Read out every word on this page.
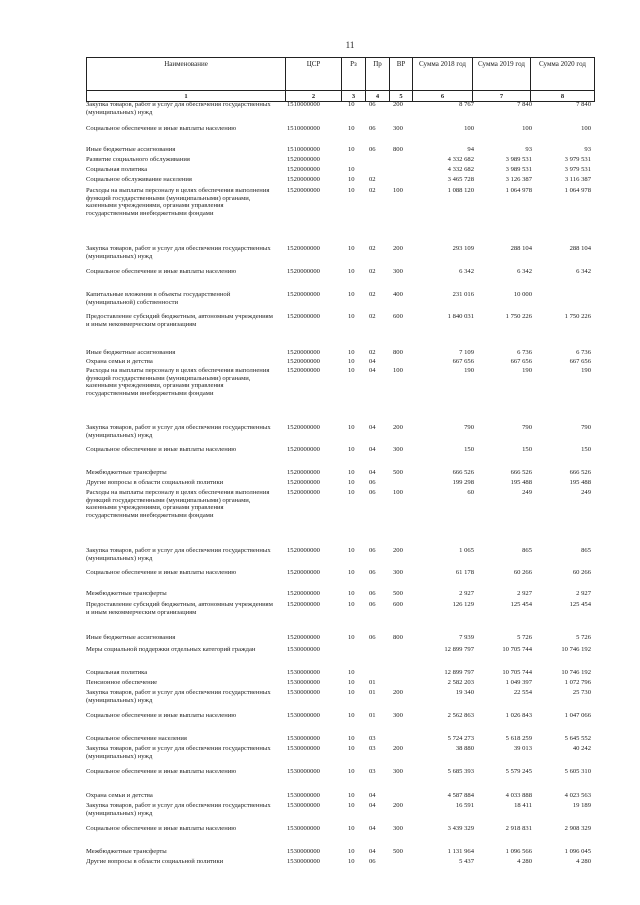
11
Наименование	ЦСР	Рз	Пр	ВР	Сумма 2018 год	Сумма 2019 год	Сумма 2020 год
1	2	3	4	5	6	7	8
Закупка товаров, работ и услуг для обеспечения государственных (муниципальных) нужд
1510000000	10 06	200	8 767	7 840	7 840
Социальное обеспечение и иные выплаты населению	1510000000	10 06	300	100	100	100
Иные бюджетные ассигнования	1510000000	10 06	800	94	93	93
Развитие социального обслуживания	1520000000	4 332 682	3 989 531	3 979 531
Социальная политика	1520000000	10	4 332 682	3 989 531	3 979 531
Социальное обслуживание населения	1520000000	10 02	3 465 728	3 126 387	3 116 387
Расходы на выплаты персоналу в целях обеспечения выполнения функций государственными (муниципальными) органами, казенными учреждениями, органами управления государственными внебюджетными фондами
1520000000	10 02	100	1 088 120	1 064 978	1 064 978
Закупка товаров, работ и услуг для обеспечения государственных (муниципальных) нужд
1520000000	10 02	200	293 109	288 104	288 104
Социальное обеспечение и иные выплаты населению	1520000000	10 02	300	6 342	6 342	6 342
Капитальные вложения в объекты государственной (муниципальной) собственности
1520000000	10 02	400	231 016	10 000
Предоставление субсидий бюджетным, автономным учреждениям и иным некоммерческим организациям
1520000000	10 02	600	1 840 031	1 750 226	1 750 226
Иные бюджетные ассигнования	1520000000	10 02	800	7 109	6 736	6 736
Охрана семьи и детства	1520000000	10 04	667 656	667 656	667 656
Расходы на выплаты персоналу в целях обеспечения выполнения функций государственными (муниципальными) органами, казенными учреждениями, органами управления государственными внебюджетными фондами
1520000000	10 04	100	190	190	190
Закупка товаров, работ и услуг для обеспечения государственных (муниципальных) нужд
1520000000	10 04	200	790	790	790
Социальное обеспечение и иные выплаты населению	1520000000	10 04	300	150	150	150
Межбюджетные трансферты	1520000000	10 04	500	666 526	666 526	666 526
Другие вопросы в области социальной политики	1520000000	10 06	199 298	195 488	195 488
Расходы на выплаты персоналу в целях обеспечения выполнения функций государственными (муниципальными) органами, казенными учреждениями, органами управления государственными внебюджетными фондами
1520000000	10 06	100	60	249	249
Закупка товаров, работ и услуг для обеспечения государственных (муниципальных) нужд
1520000000	10 06	200	1 065	865	865
Социальное обеспечение и иные выплаты населению	1520000000	10 06	300	61 178	60 266	60 266
Межбюджетные трансферты	1520000000	10 06	500	2 927	2 927	2 927
Предоставление субсидий бюджетным, автономным учреждениям и иным некоммерческим организациям
1520000000	10 06	600	126 129	125 454	125 454
Иные бюджетные ассигнования	1520000000	10 06	800	7 939	5 726	5 726
Меры социальной поддержки отдельных категорий граждан	1530000000	12 899 797	10 705 744	10 746 192
Социальная политика	1530000000	10	12 899 797	10 705 744	10 746 192
Пенсионное обеспечение	1530000000	10 01	2 582 203	1 049 397	1 072 796
Закупка товаров, работ и услуг для обеспечения государственных (муниципальных) нужд
1530000000	10 01	200	19 340	22 554	25 730
Социальное обеспечение и иные выплаты населению	1530000000	10 01	300	2 562 863	1 026 843	1 047 066
Социальное обеспечение населения	1530000000	10 03	5 724 273	5 618 259	5 645 552
Закупка товаров, работ и услуг для обеспечения государственных (муниципальных) нужд
1530000000	10 03	200	38 880	39 013	40 242
Социальное обеспечение и иные выплаты населению	1530000000	10 03	300	5 685 393	5 579 245	5 605 310
Охрана семьи и детства	1530000000	10 04	4 587 884	4 033 888	4 023 563
Закупка товаров, работ и услуг для обеспечения государственных (муниципальных) нужд
1530000000	10 04	200	16 591	18 411	19 189
Социальное обеспечение и иные выплаты населению	1530000000	10 04	300	3 439 329	2 918 831	2 908 329
Межбюджетные трансферты	1530000000	10 04	500	1 131 964	1 096 566	1 096 045
Другие вопросы в области социальной политики	1530000000	10 06	5 437	4 280	4 280
